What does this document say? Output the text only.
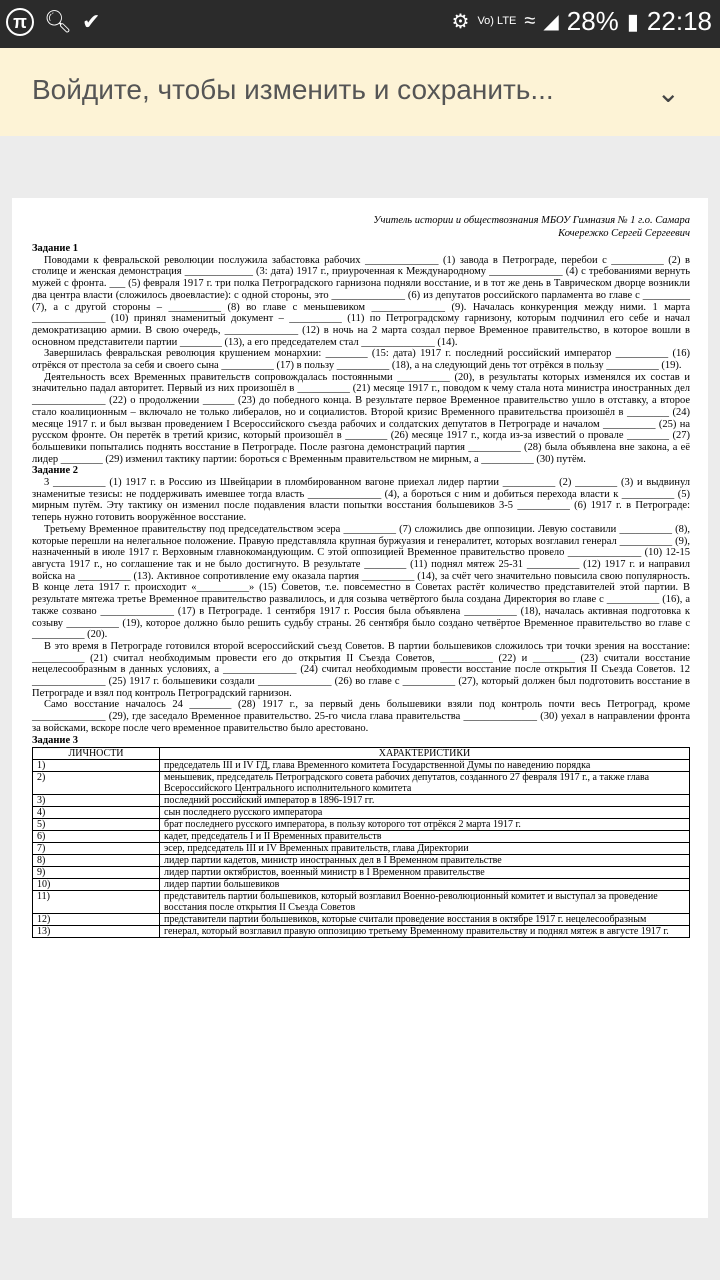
π 🔍︎ ✔	⚙ Vo) LTE ≈ ◢ 28% ▮ 22:18
Войдите, чтобы изменить и сохранить...	⌄
Учитель истории и обществознания МБОУ Гимназия № 1 г.о. Самара
Кочережко Сергей Сергеевич
Задание 1

Поводами к февральской революции послужила забастовка рабочих ______________ (1) завода в Петрограде, перебои с __________ (2) в столице и женская демонстрация _____________ (3: дата) 1917 г., приуроченная к Международному ______________ (4) с требованиями вернуть мужей с фронта. ___ (5) февраля 1917 г. три полка Петроградского гарнизона подняли восстание, и в тот же день в Таврическом дворце возникли два центра власти (сложилось двоевластие): с одной стороны, это ______________ (6) из депутатов российского парламента во главе с _________ (7), а с другой стороны – __________ (8) во главе с меньшевиком ______________ (9). Началась конкуренция между ними. 1 марта ______________ (10) принял знаменитый документ – __________ (11) по Петроградскому гарнизону, которым подчинил его себе и начал демократизацию армии. В свою очередь, ______________ (12) в ночь на 2 марта создал первое Временное правительство, в которое вошли в основном представители партии ________ (13), а его председателем стал ______________ (14).

Завершилась февральская революция крушением монархии: ________ (15: дата) 1917 г. последний российский император __________ (16) отрёкся от престола за себя и своего сына __________ (17) в пользу __________ (18), а на следующий день тот отрёкся в пользу __________ (19).

Деятельность всех Временных правительств сопровождалась постоянными __________ (20), в результаты которых изменялся их состав и значительно падал авторитет. Первый из них произошёл в __________ (21) месяце 1917 г., поводом к чему стала нота министра иностранных дел ______________ (22) о продолжении ______ (23) до победного конца. В результате первое Временное правительство ушло в отставку, а второе стало коалиционным – включало не только либералов, но и социалистов. Второй кризис Временного правительства произошёл в ________ (24) месяце 1917 г. и был вызван проведением I Всероссийского съезда рабочих и солдатских депутатов в Петрограде и началом __________ (25) на русском фронте. Он перетёк в третий кризис, который произошёл в ________ (26) месяце 1917 г., когда из-за известий о провале ________ (27) большевики попытались поднять восстание в Петрограде. После разгона демонстраций партия __________ (28) была объявлена вне закона, а её лидер ________ (29) изменил тактику партии: бороться с Временным правительством не мирным, а __________ (30) путём.

Задание 2

3 __________ (1) 1917 г. в Россию из Швейцарии в пломбированном вагоне приехал лидер партии __________ (2) ________ (3) и выдвинул знаменитые тезисы: не поддерживать имевшее тогда власть ______________ (4), а бороться с ним и добиться перехода власти к __________ (5) мирным путём. Эту тактику он изменил после подавления власти попытки восстания большевиков 3-5 __________ (6) 1917 г. в Петрограде: теперь нужно готовить вооружённое восстание.

Третьему Временное правительству под председательством эсера __________ (7) сложились две оппозиции. Левую составили __________ (8), которые перешли на нелегальное положение. Правую представляла крупная буржуазия и генералитет, которых возглавил генерал __________ (9), назначенный в июле 1917 г. Верховным главнокомандующим. С этой оппозицией Временное правительство провело ______________ (10) 12-15 августа 1917 г., но соглашение так и не было достигнуто. В результате ________ (11) поднял мятеж 25-31 __________ (12) 1917 г. и направил войска на __________ (13). Активное сопротивление ему оказала партия __________ (14), за счёт чего значительно повысила свою популярность. В конце лета 1917 г. происходит «__________» (15) Советов, т.е. повсеместно в Советах растёт количество представителей этой партии. В результате мятежа третье Временное правительство развалилось, и для созыва четвёртого была создана Директория во главе с __________ (16), а также созвано ______________ (17) в Петрограде. 1 сентября 1917 г. Россия была объявлена __________ (18), началась активная подготовка к созыву __________ (19), которое должно было решить судьбу страны. 26 сентября было создано четвёртое Временное правительство во главе с __________ (20).

В это время в Петрограде готовился второй всероссийский съезд Советов. В партии большевиков сложилось три точки зрения на восстание: __________ (21) считал необходимым провести его до открытия II Съезда Советов, __________ (22) и ________ (23) считали восстание нецелесообразным в данных условиях, а ______________ (24) считал необходимым провести восстание после открытия II Съезда Советов. 12 ______________ (25) 1917 г. большевики создали ______________ (26) во главе с __________ (27), который должен был подготовить восстание в Петрограде и взял под контроль Петроградский гарнизон.

Само восстание началось 24 ________ (28) 1917 г., за первый день большевики взяли под контроль почти весь Петроград, кроме ______________ (29), где заседало Временное правительство. 25-го числа глава правительства ______________ (30) уехал в направлении фронта за войсками, вскоре после чего временное правительство было арестовано.

Задание 3
ЛИЧНОСТИ	ХАРАКТЕРИСТИКИ
1)	председатель III и IV ГД, глава Временного комитета Государственной Думы по наведению порядка
2)	меньшевик, председатель Петроградского совета рабочих депутатов, созданного 27 февраля 1917 г., а также глава Всероссийского Центрального исполнительного комитета
3)	последний российский император в 1896-1917 гг.
4)	сын последнего русского императора
5)	брат последнего русского императора, в пользу которого тот отрёкся 2 марта 1917 г.
6)	кадет, председатель I и II Временных правительств
7)	эсер, председатель III и IV Временных правительств, глава Директории
8)	лидер партии кадетов, министр иностранных дел в I Временном правительстве
9)	лидер партии октябристов, военный министр в I Временном правительстве
10)	лидер партии большевиков
11)	представитель партии большевиков, который возглавил Военно-революционный комитет и выступал за проведение восстания после открытия II Съезда Советов
12)	представители партии большевиков, которые считали проведение восстания в октябре 1917 г. нецелесообразным
13)	генерал, который возглавил правую оппозицию третьему Временному правительству и поднял мятеж в августе 1917 г.
